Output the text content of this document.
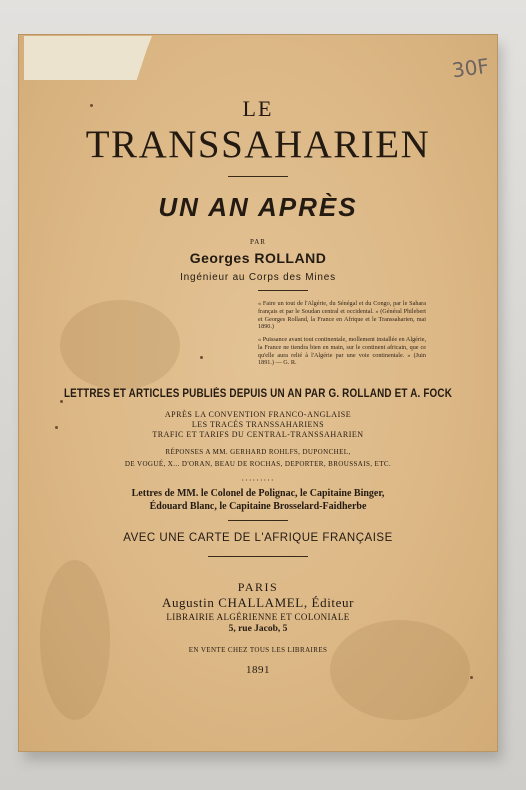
30F
LE
TRANSSAHARIEN
UN AN APRÈS
PAR
Georges ROLLAND
Ingénieur au Corps des Mines
« Faire un tout de l'Algérie, du Sénégal et du Congo, par le Sahara français et par le Soudan central et occidental. » (Général Philebert et Georges Rolland, la France en Afrique et le Transsaharien, mai 1890.)
« Puissance avant tout continentale, mollement installée en Algérie, la France ne tiendra bien en main, sur le continent africain, que ce qu'elle aura relié à l'Algérie par une voie continentale. » (Juin 1891.) — G. R.
LETTRES ET ARTICLES PUBLIÉS DEPUIS UN AN PAR G. ROLLAND ET A. FOCK
APRÈS LA CONVENTION FRANCO-ANGLAISE
LES TRACÉS TRANSSAHARIENS
TRAFIC ET TARIFS DU CENTRAL-TRANSSAHARIEN
RÉPONSES A MM. GERHARD ROHLFS, DUPONCHEL,
DE VOGUÉ, X... D'ORAN, BEAU DE ROCHAS, DEPORTER, BROUSSAIS, ETC.
·········
Lettres de MM. le Colonel de Polignac, le Capitaine Binger,
Édouard Blanc, le Capitaine Brosselard-Faidherbe
AVEC UNE CARTE DE L'AFRIQUE FRANÇAISE
PARIS
Augustin CHALLAMEL, Éditeur
LIBRAIRIE ALGÉRIENNE ET COLONIALE
5, rue Jacob, 5
EN VENTE CHEZ TOUS LES LIBRAIRES
1891
